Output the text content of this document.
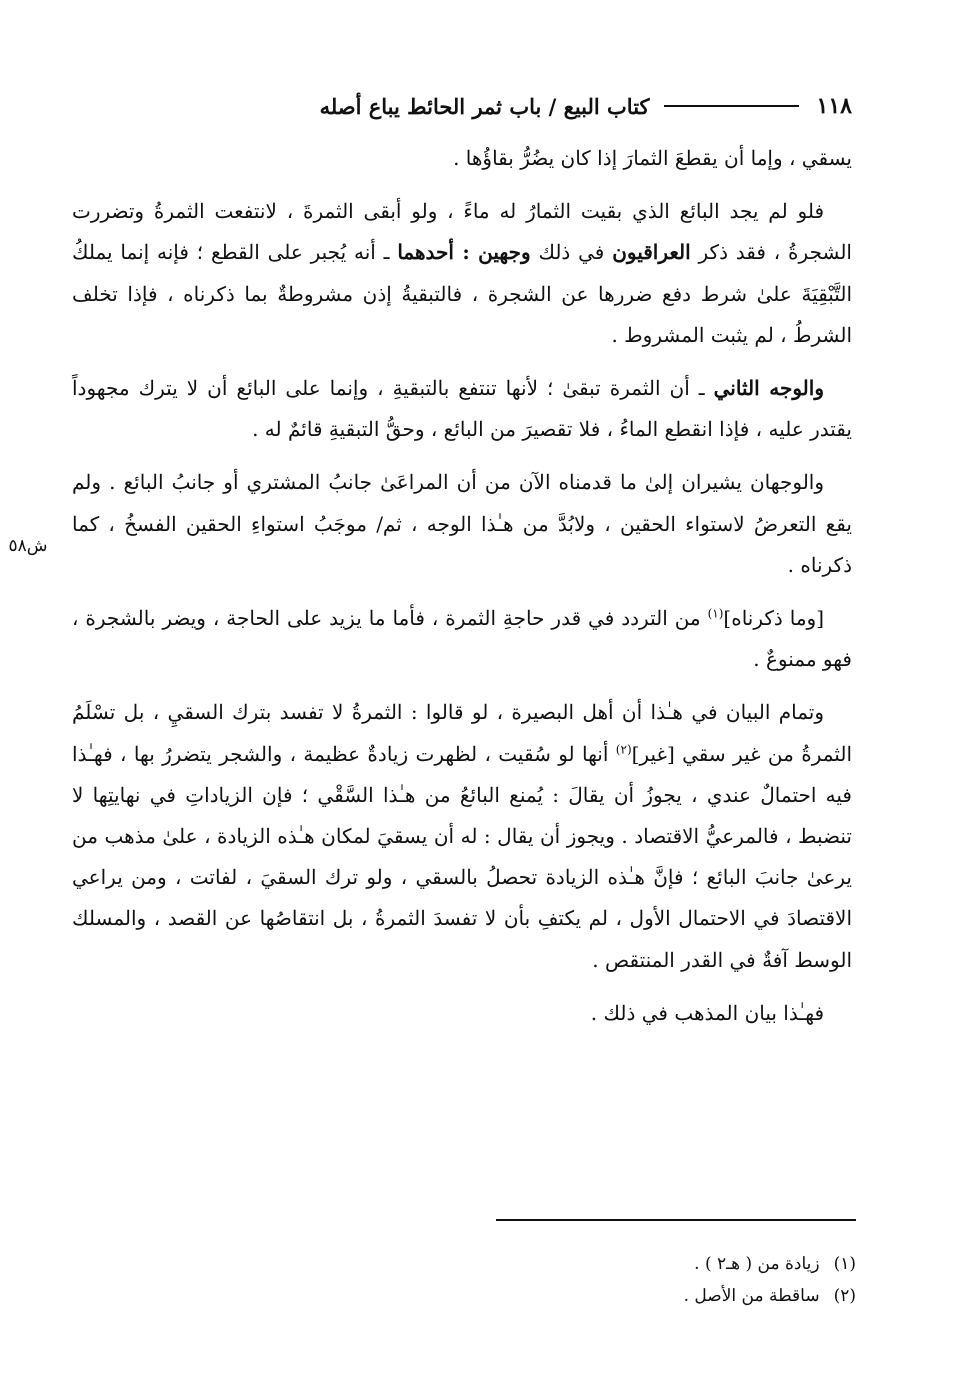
١١٨
كتاب البيع / باب ثمر الحائط يباع أصله
ش٥٨

يسقي ، وإما أن يقطعَ الثمارَ إذا كان يضُرُّ بقاؤُها .

فلو لم يجد البائع الذي بقيت الثمارُ له ماءً ، ولو أبقى الثمرةَ ، لانتفعت الثمرةُ وتضررت الشجرةُ ، فقد ذكر العراقيون في ذلك وجهين : أحدهما ـ أنه يُجبر على القطع ؛ فإنه إنما يملكُ التَّبْقِيَةَ علىٰ شرط دفع ضررها عن الشجرة ، فالتبقيةُ إذن مشروطةٌ بما ذكرناه ، فإذا تخلف الشرطُ ، لم يثبت المشروط .

والوجه الثاني ـ أن الثمرة تبقىٰ ؛ لأنها تنتفع بالتبقيةِ ، وإنما على البائع أن لا يترك مجهوداً يقتدر عليه ، فإذا انقطع الماءُ ، فلا تقصيرَ من البائع ، وحقُّ التبقيةِ قائمٌ له .

والوجهان يشيران إلىٰ ما قدمناه الآن من أن المراعَىٰ جانبُ المشتري أو جانبُ البائع . ولم يقع التعرضُ لاستواء الحقين ، ولابُدَّ من هـٰذا الوجه ، ثم/ موجَبُ استواءِ الحقين الفسخُ ، كما ذكرناه .

[وما ذكرناه]$^{(١)}$ من التردد في قدر حاجةِ الثمرة ، فأما ما يزيد على الحاجة ، ويضر بالشجرة ، فهو ممنوعٌ .

وتمام البيان في هـٰذا أن أهل البصيرة ، لو قالوا : الثمرةُ لا تفسد بترك السقيِ ، بل تسْلَمُ الثمرةُ من غير سقي [غير]$^{(٢)}$ أنها لو سُقيت ، لظهرت زيادةٌ عظيمة ، والشجر يتضررُ بها ، فهـٰذا فيه احتمالٌ عندي ، يجوزُ أن يقالَ : يُمنع البائعُ من هـٰذا السَّقْي ؛ فإن الزياداتِ في نهايتِها لا تنضبط ، فالمرعيُّ الاقتصاد . ويجوز أن يقال : له أن يسقيَ لمكان هـٰذه الزيادة ، علىٰ مذهب من يرعىٰ جانبَ البائع ؛ فإنَّ هـٰذه الزيادة تحصلُ بالسقي ، ولو ترك السقيَ ، لفاتت ، ومن يراعي الاقتصادَ في الاحتمال الأول ، لم يكتفِ بأن لا تفسدَ الثمرةُ ، بل انتقاصُها عن القصد ، والمسلك الوسط آفةٌ في القدر المنتقص .

فهـٰذا بيان المذهب في ذلك .

(١)
زيادة من ( هـ٢ ) .
(٢)
ساقطة من الأصل .
